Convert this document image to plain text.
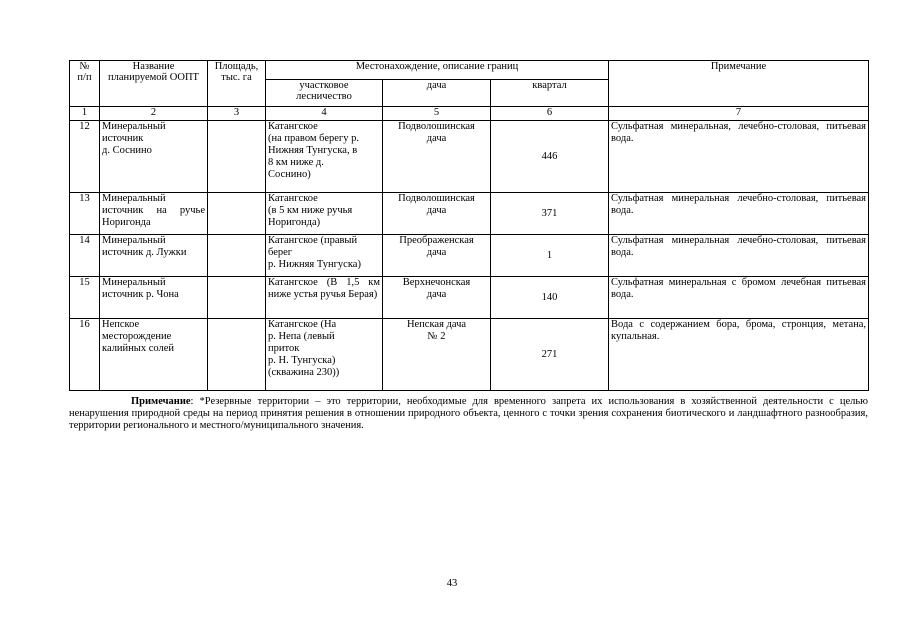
№
п/п	Название
планируемой ООПТ	Площадь,
тыс. га	Местонахождение, описание границ			Примечание
			участковое
лесничество	дача	квартал	
1	2	3	4	5	6	7
12	Минеральный
источник
д. Соснино		Катангское
(на правом берегу р.
Нижняя Тунгуска, в
8 км ниже д.
Соснино)	Подволошинская
дача	446	Сульфатная минеральная, лечебно-столовая, питьевая вода.
13	Минеральный источник на ручье Норигонда		Катангское
(в 5 км ниже ручья
Норигонда)	Подволошинская
дача	371	Сульфатная минеральная лечебно-столовая, питьевая вода.
14	Минеральный
источник д. Лужки		Катангское (правый
берег
р. Нижняя Тунгуска)	Преображенская
дача	1	Сульфатная минеральная лечебно-столовая, питьевая вода.
15	Минеральный
источник р. Чона		Катангское (В 1,5 км ниже устья ручья Берая)	Верхнечонская
дача	140	Сульфатная минеральная с бромом лечебная питьевая вода.
16	Непское
месторождение
калийных солей		Катангское (На
р. Непа (левый
приток
р. Н. Тунгуска)
(скважина 230))	Непская дача
№ 2	271	Вода с содержанием бора, брома, стронция, метана, купальная.

Примечание: *Резервные территории – это территории, необходимые для временного запрета их использования в хозяйственной деятельности с целью ненарушения природной среды на период принятия решения в отношении природного объекта, ценного с точки зрения сохранения биотического и ландшафтного разнообразия, территории регионального и местного/муниципального значения.

43
